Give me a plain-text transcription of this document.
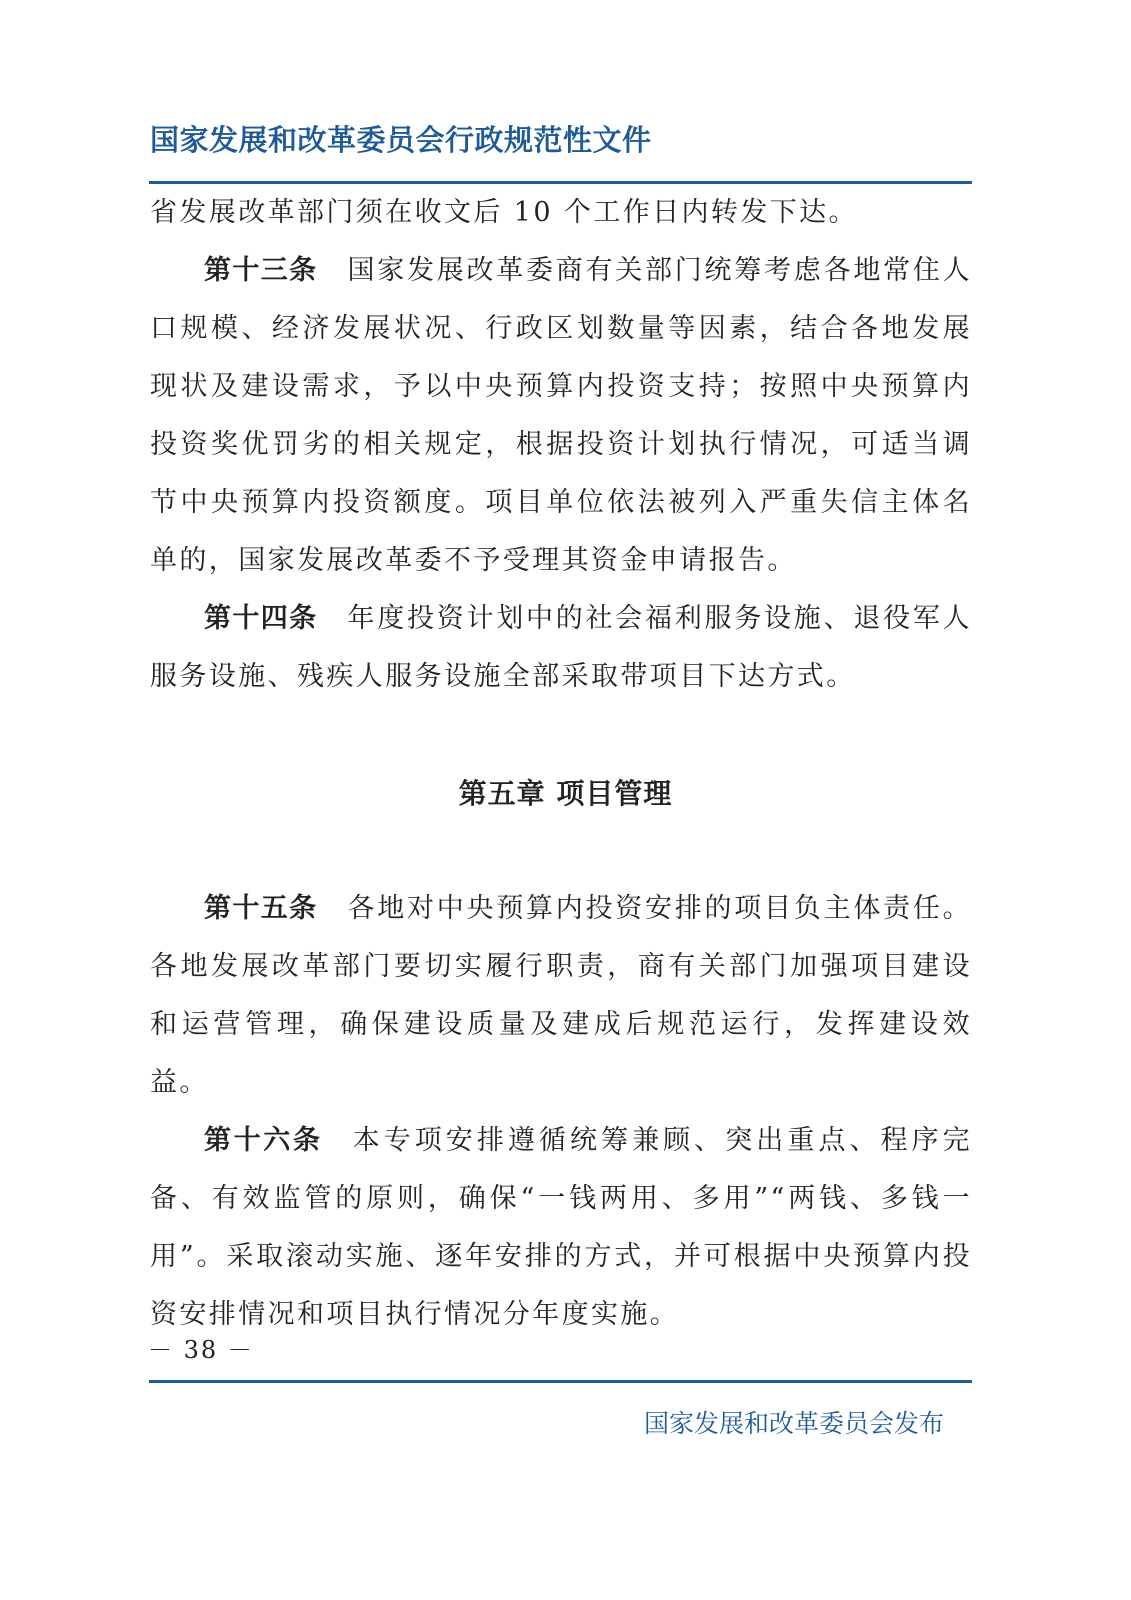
国家发展和改革委员会行政规范性文件

省发展改革部门须在收文后 10 个工作日内转发下达。

第十三条 国家发展改革委商有关部门统筹考虑各地常住人口规模、经济发展状况、行政区划数量等因素，结合各地发展现状及建设需求，予以中央预算内投资支持；按照中央预算内投资奖优罚劣的相关规定，根据投资计划执行情况，可适当调节中央预算内投资额度。项目单位依法被列入严重失信主体名单的，国家发展改革委不予受理其资金申请报告。

第十四条 年度投资计划中的社会福利服务设施、退役军人服务设施、残疾人服务设施全部采取带项目下达方式。

第五章 项目管理

第十五条 各地对中央预算内投资安排的项目负主体责任。各地发展改革部门要切实履行职责，商有关部门加强项目建设和运营管理，确保建设质量及建成后规范运行，发挥建设效益。

第十六条 本专项安排遵循统筹兼顾、突出重点、程序完备、有效监管的原则，确保“一钱两用、多用”“两钱、多钱一用”。采取滚动实施、逐年安排的方式，并可根据中央预算内投资安排情况和项目执行情况分年度实施。

－ 38 －
国家发展和改革委员会发布
